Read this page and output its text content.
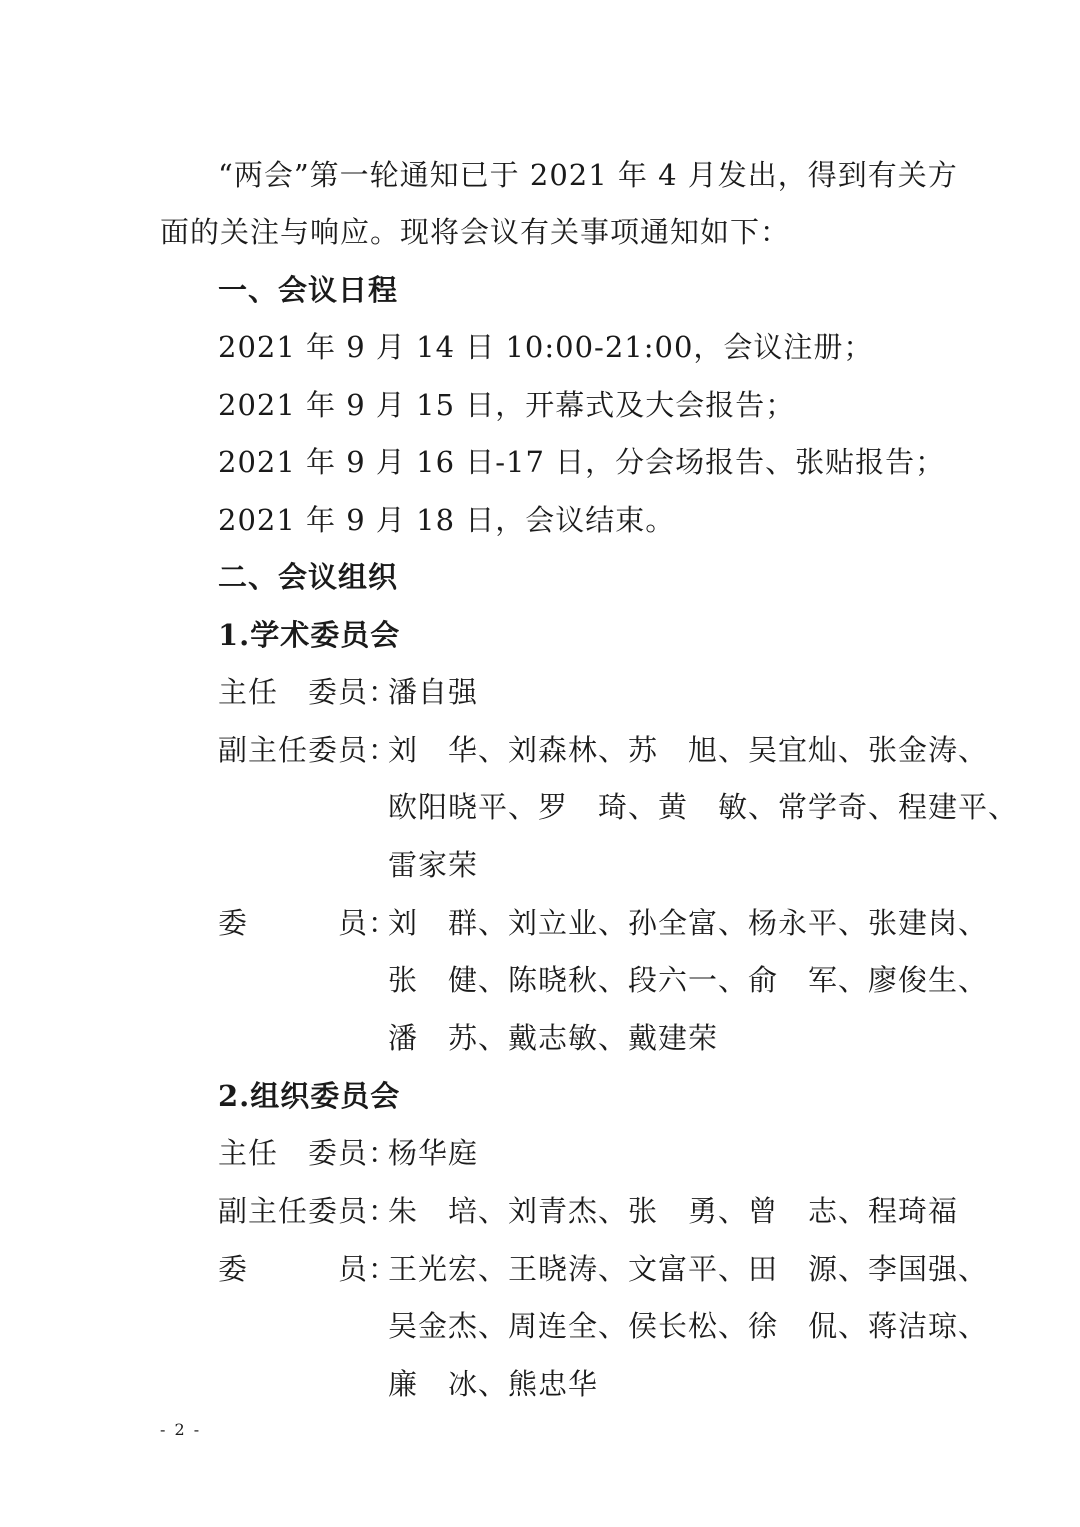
“两会”第一轮通知已于 2021 年 4 月发出，得到有关方
面的关注与响应。现将会议有关事项通知如下：
一、会议日程
2021 年 9 月 14 日 10:00-21:00，会议注册；
2021 年 9 月 15 日，开幕式及大会报告；
2021 年 9 月 16 日-17 日，分会场报告、张贴报告；
2021 年 9 月 18 日，会议结束。
二、会议组织
1.学术委员会
主任　委员：
潘自强
副主任委员：
刘　华、刘森林、苏　旭、吴宜灿、张金涛、
欧阳晓平、罗　琦、黄　敏、常学奇、程建平、
雷家荣
委　　　员：
刘　群、刘立业、孙全富、杨永平、张建岗、
张　健、陈晓秋、段六一、俞　军、廖俊生、
潘　苏、戴志敏、戴建荣
2.组织委员会
主任　委员：
杨华庭
副主任委员：
朱　培、刘青杰、张　勇、曾　志、程琦福
委　　　员：
王光宏、王晓涛、文富平、田　源、李国强、
吴金杰、周连全、侯长松、徐　侃、蒋洁琼、
廉　冰、熊忠华
- 2 -
